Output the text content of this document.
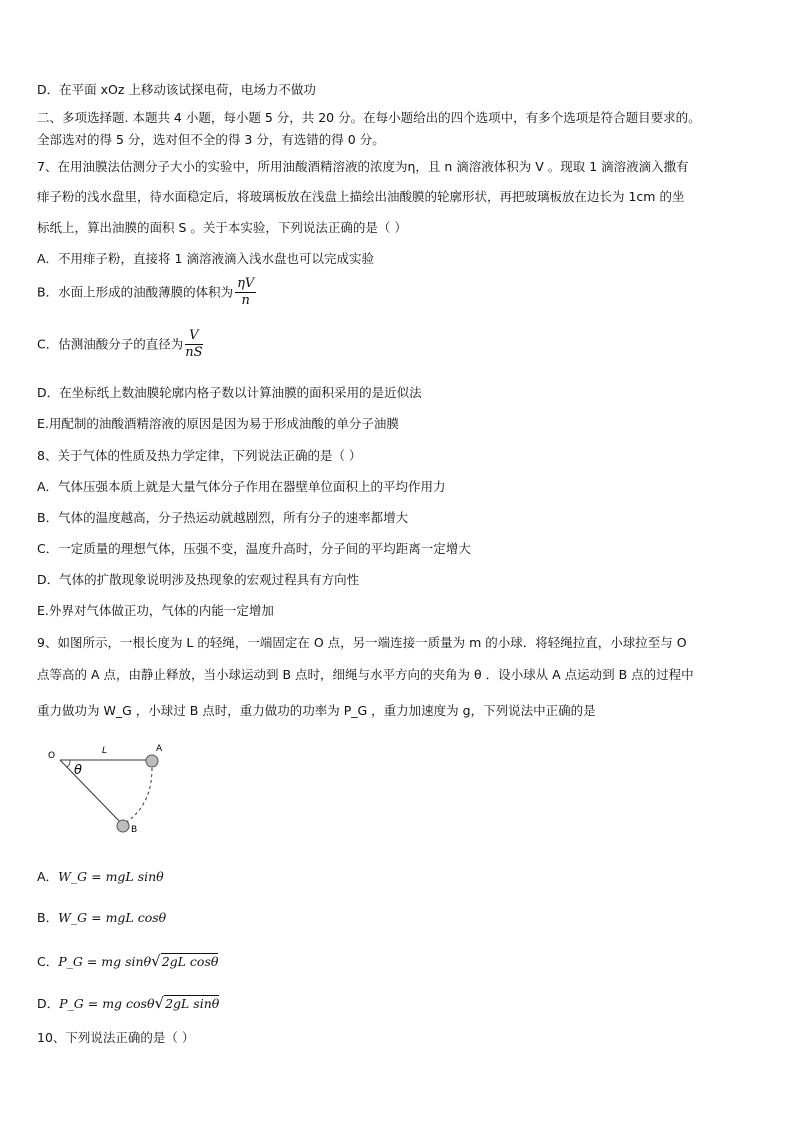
D．在平面 xOz 上移动该试探电荷，电场力不做功
二、多项选择题. 本题共 4 小题，每小题 5 分，共 20 分。在每小题给出的四个选项中，有多个选项是符合题目要求的。
全部选对的得 5 分，选对但不全的得 3 分，有选错的得 0 分。
7、在用油膜法估测分子大小的实验中，所用油酸酒精溶液的浓度为η，且 n 滴溶液体积为 V 。现取 1 滴溶液滴入撒有
痱子粉的浅水盘里，待水面稳定后，将玻璃板放在浅盘上描绘出油酸膜的轮廓形状，再把玻璃板放在边长为 1cm 的坐
标纸上，算出油膜的面积 S 。关于本实验，下列说法正确的是（ ）
A．不用痱子粉，直接将 1 滴溶液滴入浅水盘也可以完成实验
B．水面上形成的油酸薄膜的体积为 $\frac{\eta V}{n}$
C．估测油酸分子的直径为 $\frac{V}{nS}$
D．在坐标纸上数油膜轮廓内格子数以计算油膜的面积采用的是近似法
E.用配制的油酸酒精溶液的原因是因为易于形成油酸的单分子油膜
8、关于气体的性质及热力学定律，下列说法正确的是（ ）
A．气体压强本质上就是大量气体分子作用在器壁单位面积上的平均作用力
B．气体的温度越高，分子热运动就越剧烈，所有分子的速率都增大
C．一定质量的理想气体，压强不变，温度升高时，分子间的平均距离一定增大
D．气体的扩散现象说明涉及热现象的宏观过程具有方向性
E.外界对气体做正功，气体的内能一定增加
9、如图所示，一根长度为 L 的轻绳，一端固定在 O 点，另一端连接一质量为 m 的小球．将轻绳拉直，小球拉至与 O
点等高的 A 点，由静止释放，当小球运动到 B 点时，细绳与水平方向的夹角为 θ ．设小球从 A 点运动到 B 点的过程中
重力做功为 W_G ，小球过 B 点时，重力做功的功率为 P_G ，重力加速度为 g，下列说法中正确的是
O	L	A
B
θ
A．W_G = mgL sinθ
B．W_G = mgL cosθ
C．P_G = mg sinθ√2gL cosθ
D．P_G = mg cosθ√2gL sinθ
10、下列说法正确的是（ ）
